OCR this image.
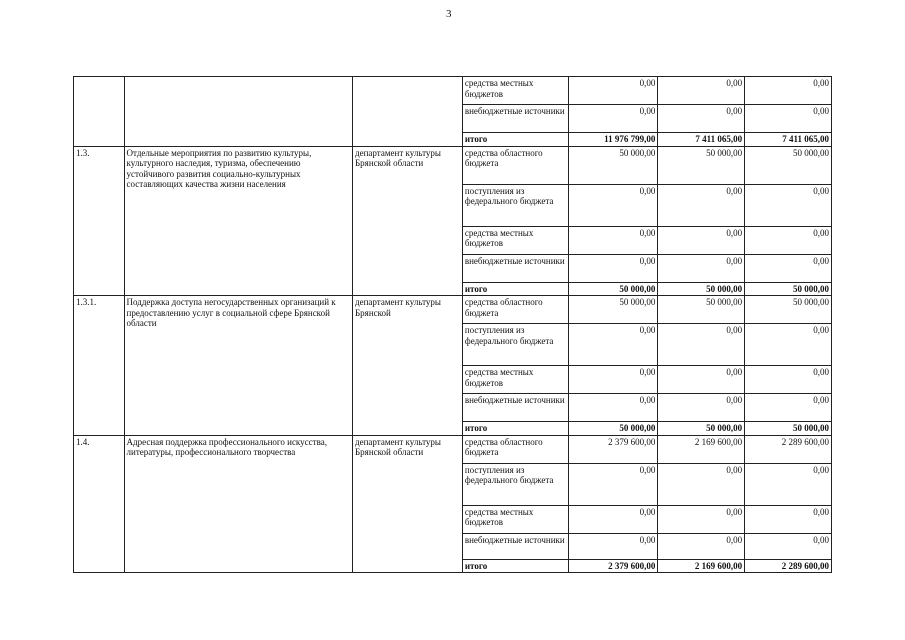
3
			средства местных бюджетов	0,00	0,00	0,00
			внебюджетные источники	0,00	0,00	0,00
			итого	11 976 799,00	7 411 065,00	7 411 065,00
1.3.	Отдельные мероприятия по развитию культуры, культурного наследия, туризма, обеспечению устойчивого развития социально-культурных составляющих качества жизни населения	департамент культуры Брянской области	средства областного бюджета	50 000,00	50 000,00	50 000,00
			поступления из федерального бюджета	0,00	0,00	0,00
			средства местных бюджетов	0,00	0,00	0,00
			внебюджетные источники	0,00	0,00	0,00
			итого	50 000,00	50 000,00	50 000,00
1.3.1.	Поддержка доступа негосударственных организаций к предоставлению услуг в социальной сфере Брянской области	департамент культуры Брянской	средства областного бюджета	50 000,00	50 000,00	50 000,00
			поступления из федерального бюджета	0,00	0,00	0,00
			средства местных бюджетов	0,00	0,00	0,00
			внебюджетные источники	0,00	0,00	0,00
			итого	50 000,00	50 000,00	50 000,00
1.4.	Адресная поддержка профессионального искусства, литературы, профессионального творчества	департамент культуры Брянской области	средства областного бюджета	2 379 600,00	2 169 600,00	2 289 600,00
			поступления из федерального бюджета	0,00	0,00	0,00
			средства местных бюджетов	0,00	0,00	0,00
			внебюджетные источники	0,00	0,00	0,00
			итого	2 379 600,00	2 169 600,00	2 289 600,00
